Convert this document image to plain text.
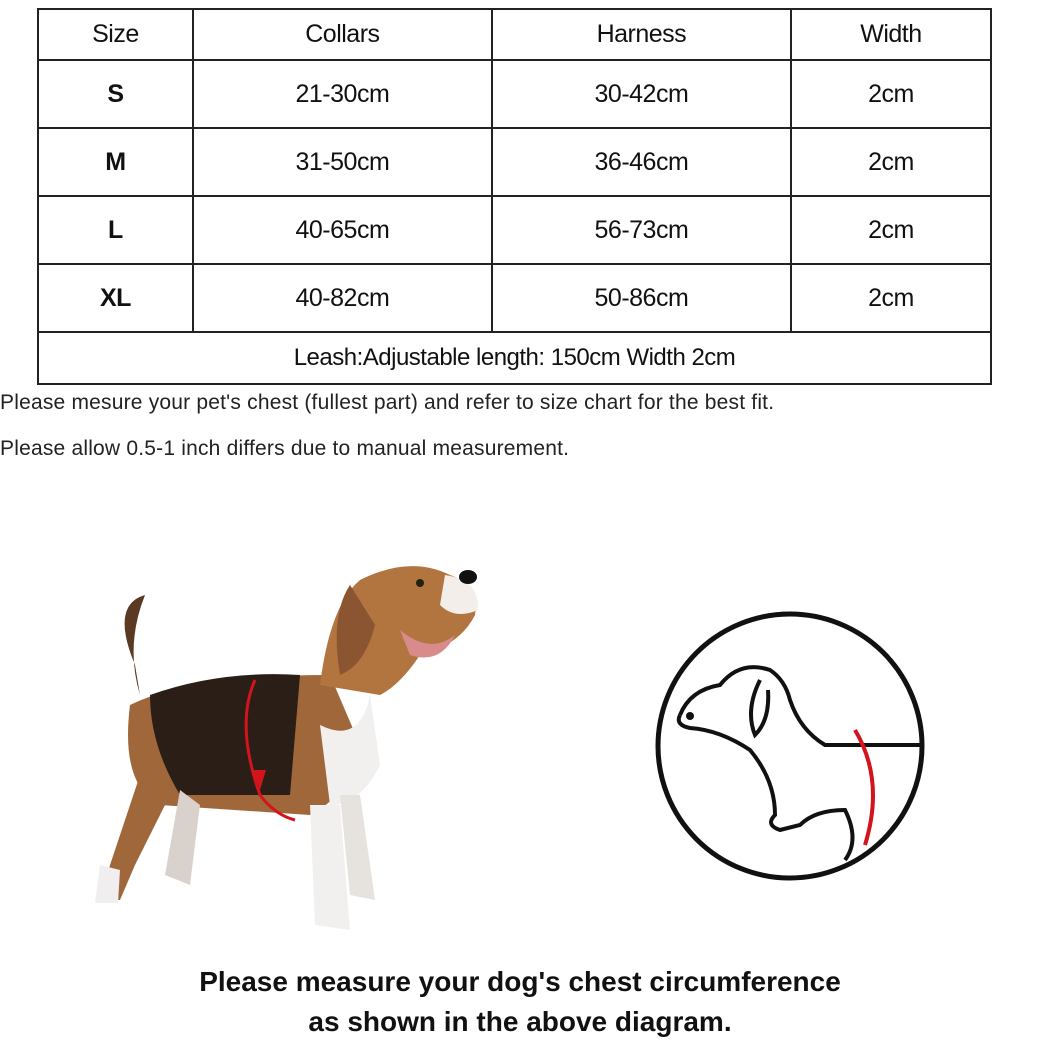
Size	Collars	Harness	Width
S	21-30cm	30-42cm	2cm
M	31-50cm	36-46cm	2cm
L	40-65cm	56-73cm	2cm
XL	40-82cm	50-86cm	2cm
Leash:Adjustable length: 150cm Width 2cm			
Please mesure your pet's chest (fullest part) and refer to size chart for the best fit.
Please allow 0.5-1 inch differs due to manual measurement.
Please measure your dog's chest circumference
as shown in the above diagram.
